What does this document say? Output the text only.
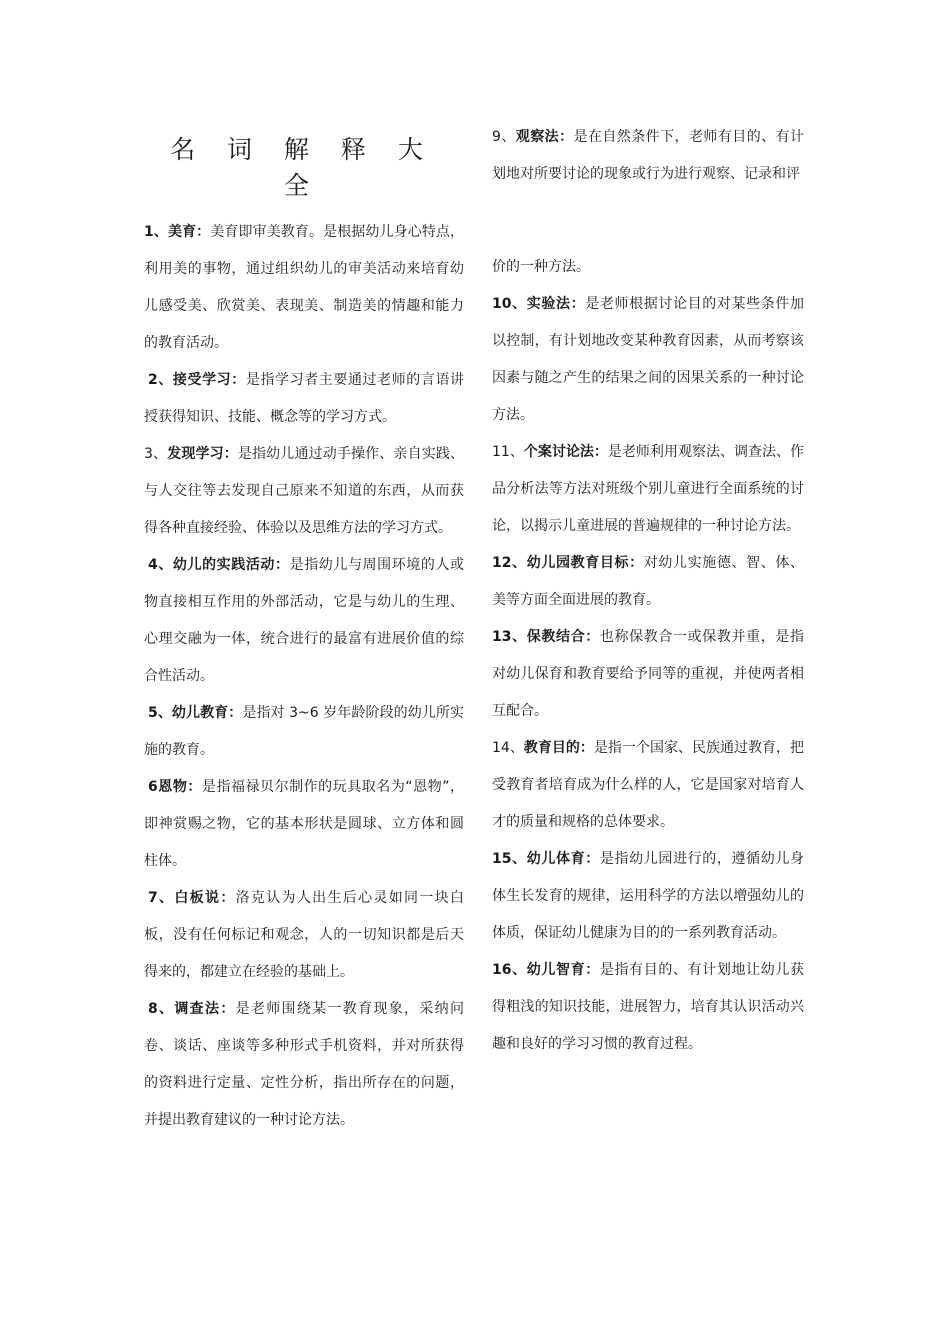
名 词 解 释 大 全

1、美育：美育即审美教育。是根据幼儿身心特点，利用美的事物，通过组织幼儿的审美活动来培育幼儿感受美、欣赏美、表现美、制造美的情趣和能力的教育活动。

2、接受学习：是指学习者主要通过老师的言语讲授获得知识、技能、概念等的学习方式。

3、发现学习：是指幼儿通过动手操作、亲自实践、与人交往等去发现自己原来不知道的东西，从而获得各种直接经验、体验以及思维方法的学习方式。

4、幼儿的实践活动：是指幼儿与周围环境的人或物直接相互作用的外部活动，它是与幼儿的生理、心理交融为一体，统合进行的最富有进展价值的综合性活动。

5、幼儿教育：是指对 3~6 岁年龄阶段的幼儿所实施的教育。

6恩物：是指福禄贝尔制作的玩具取名为“恩物”，即神赏赐之物，它的基本形状是圆球、立方体和圆柱体。

7、白板说：洛克认为人出生后心灵如同一块白板，没有任何标记和观念，人的一切知识都是后天得来的，都建立在经验的基础上。

8、调查法：是老师围绕某一教育现象，采纳问卷、谈话、座谈等多种形式手机资料，并对所获得的资料进行定量、定性分析，指出所存在的问题，并提出教育建议的一种讨论方法。

9、观察法：是在自然条件下，老师有目的、有计划地对所要讨论的现象或行为进行观察、记录和评

价的一种方法。

10、实验法：是老师根据讨论目的对某些条件加以控制，有计划地改变某种教育因素，从而考察该因素与随之产生的结果之间的因果关系的一种讨论方法。

11、个案讨论法：是老师利用观察法、调查法、作品分析法等方法对班级个别儿童进行全面系统的讨论，以揭示儿童进展的普遍规律的一种讨论方法。

12、幼儿园教育目标：对幼儿实施德、智、体、美等方面全面进展的教育。

13、保教结合：也称保教合一或保教并重，是指对幼儿保育和教育要给予同等的重视，并使两者相互配合。

14、教育目的：是指一个国家、民族通过教育，把受教育者培育成为什么样的人，它是国家对培育人才的质量和规格的总体要求。

15、幼儿体育：是指幼儿园进行的，遵循幼儿身体生长发育的规律，运用科学的方法以增强幼儿的体质，保证幼儿健康为目的的一系列教育活动。

16、幼儿智育：是指有目的、有计划地让幼儿获得粗浅的知识技能，进展智力，培育其认识活动兴趣和良好的学习习惯的教育过程。
